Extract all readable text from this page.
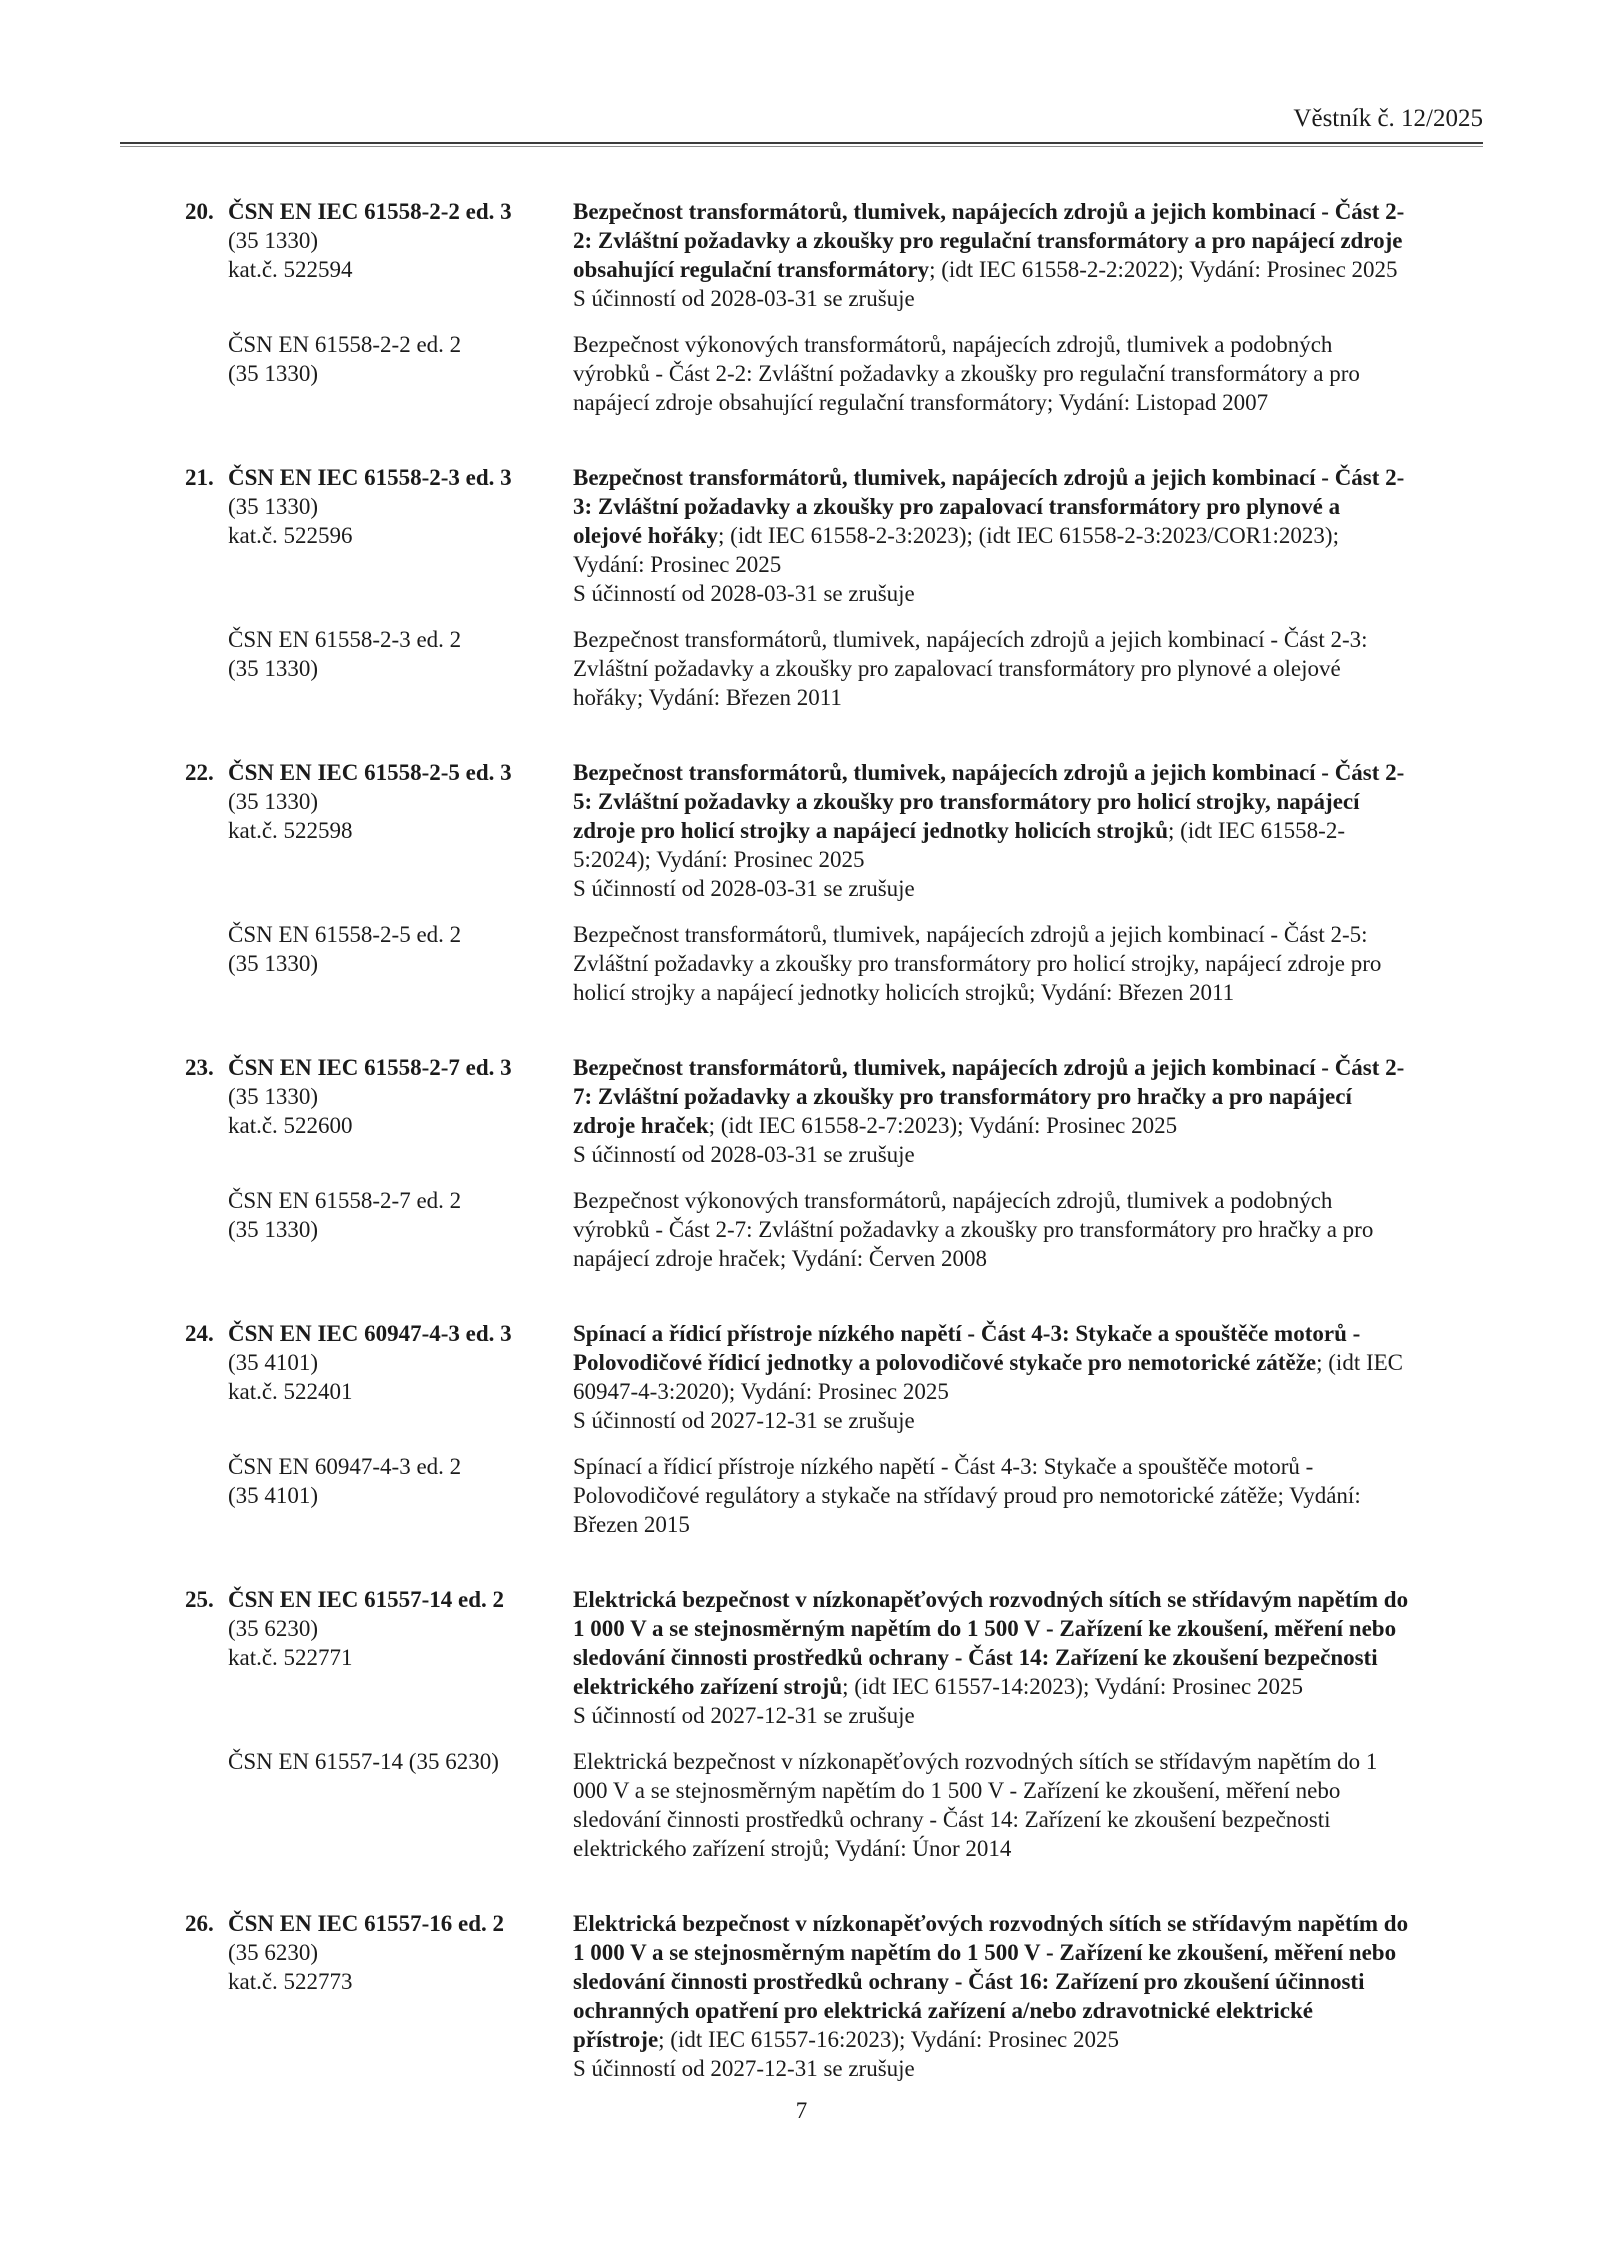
Věstník č. 12/2025
20. ČSN EN IEC 61558-2-2 ed. 3
(35 1330)
kat.č. 522594

Bezpečnost transformátorů, tlumivek, napájecích zdrojů a jejich kombinací - Část 2-2: Zvláštní požadavky a zkoušky pro regulační transformátory a pro napájecí zdroje obsahující regulační transformátory; (idt IEC 61558-2-2:2022); Vydání: Prosinec 2025

S účinností od 2028-03-31 se zrušuje

ČSN EN 61558-2-2 ed. 2
(35 1330)

Bezpečnost výkonových transformátorů, napájecích zdrojů, tlumivek a podobných výrobků - Část 2-2: Zvláštní požadavky a zkoušky pro regulační transformátory a pro napájecí zdroje obsahující regulační transformátory; Vydání: Listopad 2007

21. ČSN EN IEC 61558-2-3 ed. 3
(35 1330)
kat.č. 522596

Bezpečnost transformátorů, tlumivek, napájecích zdrojů a jejich kombinací - Část 2-3: Zvláštní požadavky a zkoušky pro zapalovací transformátory pro plynové a olejové hořáky; (idt IEC 61558-2-3:2023); (idt IEC 61558-2-3:2023/COR1:2023); Vydání: Prosinec 2025

S účinností od 2028-03-31 se zrušuje

ČSN EN 61558-2-3 ed. 2
(35 1330)

Bezpečnost transformátorů, tlumivek, napájecích zdrojů a jejich kombinací - Část 2-3: Zvláštní požadavky a zkoušky pro zapalovací transformátory pro plynové a olejové hořáky; Vydání: Březen 2011

22. ČSN EN IEC 61558-2-5 ed. 3
(35 1330)
kat.č. 522598

Bezpečnost transformátorů, tlumivek, napájecích zdrojů a jejich kombinací - Část 2-5: Zvláštní požadavky a zkoušky pro transformátory pro holicí strojky, napájecí zdroje pro holicí strojky a napájecí jednotky holicích strojků; (idt IEC 61558-2-5:2024); Vydání: Prosinec 2025

S účinností od 2028-03-31 se zrušuje

ČSN EN 61558-2-5 ed. 2
(35 1330)

Bezpečnost transformátorů, tlumivek, napájecích zdrojů a jejich kombinací - Část 2-5: Zvláštní požadavky a zkoušky pro transformátory pro holicí strojky, napájecí zdroje pro holicí strojky a napájecí jednotky holicích strojků; Vydání: Březen 2011

23. ČSN EN IEC 61558-2-7 ed. 3
(35 1330)
kat.č. 522600

Bezpečnost transformátorů, tlumivek, napájecích zdrojů a jejich kombinací - Část 2-7: Zvláštní požadavky a zkoušky pro transformátory pro hračky a pro napájecí zdroje hraček; (idt IEC 61558-2-7:2023); Vydání: Prosinec 2025

S účinností od 2028-03-31 se zrušuje

ČSN EN 61558-2-7 ed. 2
(35 1330)

Bezpečnost výkonových transformátorů, napájecích zdrojů, tlumivek a podobných výrobků - Část 2-7: Zvláštní požadavky a zkoušky pro transformátory pro hračky a pro napájecí zdroje hraček; Vydání: Červen 2008

24. ČSN EN IEC 60947-4-3 ed. 3
(35 4101)
kat.č. 522401

Spínací a řídicí přístroje nízkého napětí - Část 4-3: Stykače a spouštěče motorů - Polovodičové řídicí jednotky a polovodičové stykače pro nemotorické zátěže; (idt IEC 60947-4-3:2020); Vydání: Prosinec 2025

S účinností od 2027-12-31 se zrušuje

ČSN EN 60947-4-3 ed. 2
(35 4101)

Spínací a řídicí přístroje nízkého napětí - Část 4-3: Stykače a spouštěče motorů - Polovodičové regulátory a stykače na střídavý proud pro nemotorické zátěže; Vydání: Březen 2015

25. ČSN EN IEC 61557-14 ed. 2
(35 6230)
kat.č. 522771

Elektrická bezpečnost v nízkonapěťových rozvodných sítích se střídavým napětím do 1 000 V a se stejnosměrným napětím do 1 500 V - Zařízení ke zkoušení, měření nebo sledování činnosti prostředků ochrany - Část 14: Zařízení ke zkoušení bezpečnosti elektrického zařízení strojů; (idt IEC 61557-14:2023); Vydání: Prosinec 2025

S účinností od 2027-12-31 se zrušuje

ČSN EN 61557-14 (35 6230)	Elektrická bezpečnost v nízkonapěťových rozvodných sítích se střídavým napětím do 1 000 V a se stejnosměrným napětím do 1 500 V - Zařízení ke zkoušení, měření nebo sledování činnosti prostředků ochrany - Část 14: Zařízení ke zkoušení bezpečnosti elektrického zařízení strojů; Vydání: Únor 2014

26. ČSN EN IEC 61557-16 ed. 2
(35 6230)
kat.č. 522773

Elektrická bezpečnost v nízkonapěťových rozvodných sítích se střídavým napětím do 1 000 V a se stejnosměrným napětím do 1 500 V - Zařízení ke zkoušení, měření nebo sledování činnosti prostředků ochrany - Část 16: Zařízení pro zkoušení účinnosti ochranných opatření pro elektrická zařízení a/nebo zdravotnické elektrické přístroje; (idt IEC 61557-16:2023); Vydání: Prosinec 2025

S účinností od 2027-12-31 se zrušuje

7
